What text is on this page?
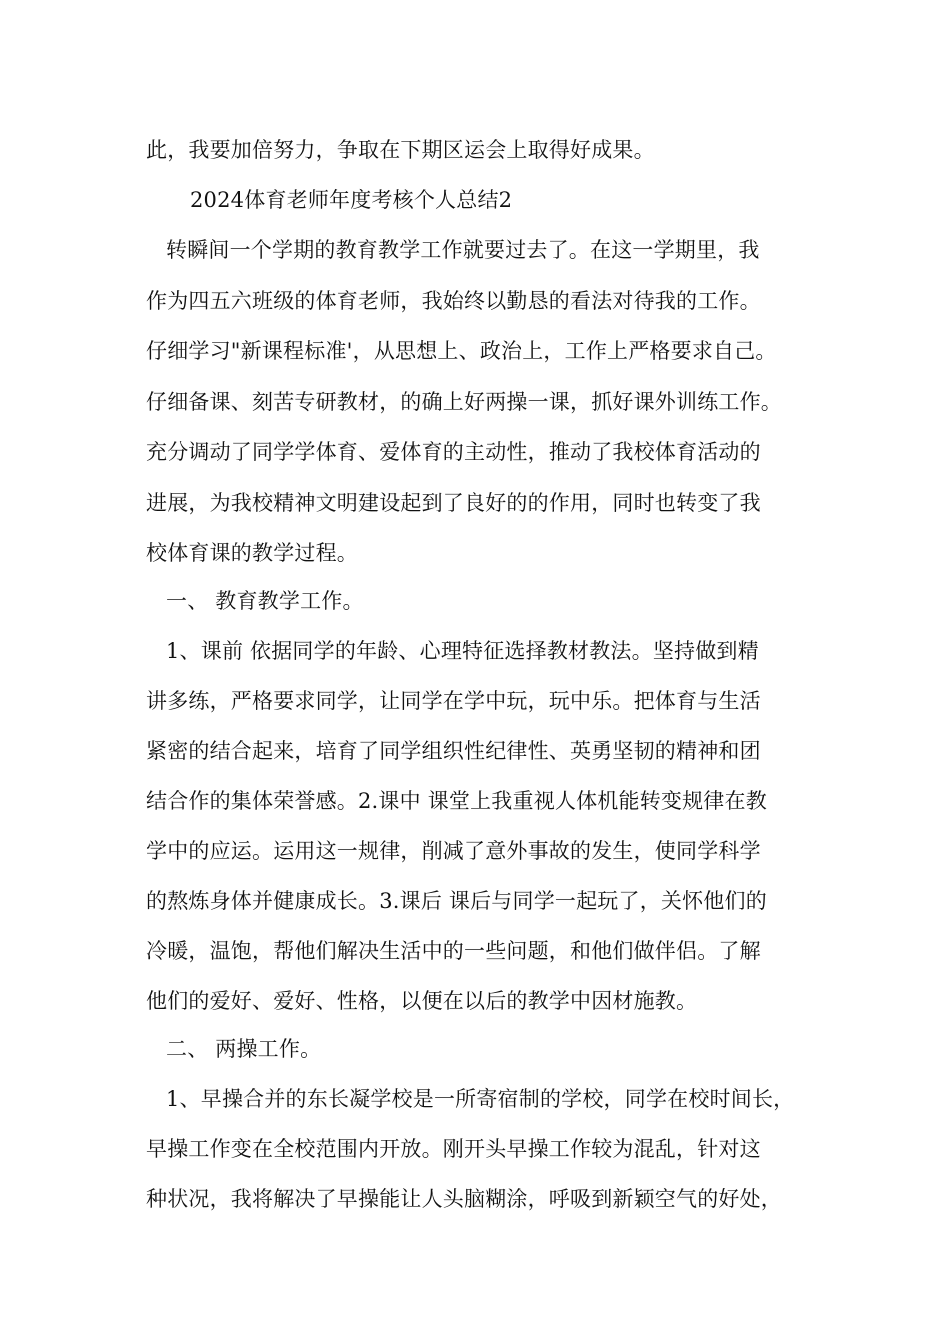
此，我要加倍努力，争取在下期区运会上取得好成果。
2024体育老师年度考核个人总结2
转瞬间一个学期的教育教学工作就要过去了。在这一学期里，我
作为四五六班级的体育老师，我始终以勤恳的看法对待我的工作。
仔细学习"新课程标准'，从思想上、政治上，工作上严格要求自己。
仔细备课、刻苦专研教材，的确上好两操一课，抓好课外训练工作。
充分调动了同学学体育、爱体育的主动性，推动了我校体育活动的
进展，为我校精神文明建设起到了良好的的作用，同时也转变了我
校体育课的教学过程。
一、 教育教学工作。
1、课前 依据同学的年龄、心理特征选择教材教法。坚持做到精
讲多练，严格要求同学，让同学在学中玩，玩中乐。把体育与生活
紧密的结合起来，培育了同学组织性纪律性、英勇坚韧的精神和团
结合作的集体荣誉感。2.课中 课堂上我重视人体机能转变规律在教
学中的应运。运用这一规律，削减了意外事故的发生，使同学科学
的熬炼身体并健康成长。3.课后 课后与同学一起玩了，关怀他们的
冷暖，温饱，帮他们解决生活中的一些问题，和他们做伴侣。了解
他们的爱好、爱好、性格，以便在以后的教学中因材施教。
二、 两操工作。
1、早操合并的东长凝学校是一所寄宿制的学校，同学在校时间长，
早操工作变在全校范围内开放。刚开头早操工作较为混乱，针对这
种状况，我将解决了早操能让人头脑糊涂，呼吸到新颖空气的好处，
